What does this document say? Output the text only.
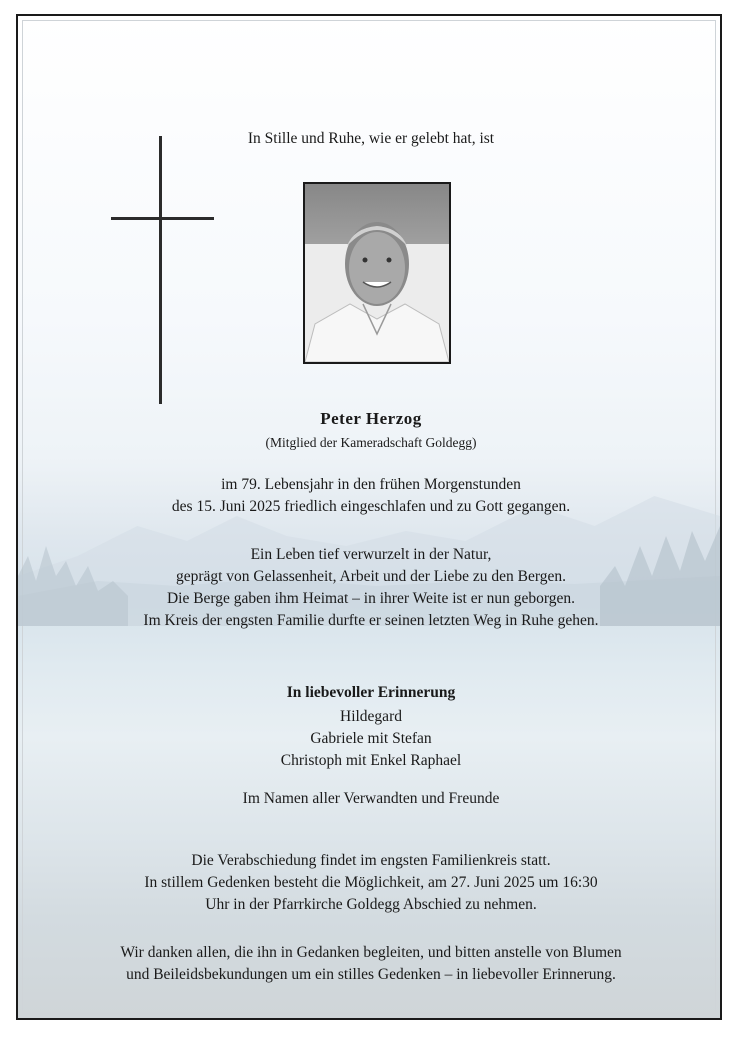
In Stille und Ruhe, wie er gelebt hat, ist
Peter Herzog
(Mitglied der Kameradschaft Goldegg)
im 79. Lebensjahr in den frühen Morgenstunden
des 15. Juni 2025 friedlich eingeschlafen und zu Gott gegangen.
Ein Leben tief verwurzelt in der Natur,
geprägt von Gelassenheit, Arbeit und der Liebe zu den Bergen.
Die Berge gaben ihm Heimat – in ihrer Weite ist er nun geborgen.
Im Kreis der engsten Familie durfte er seinen letzten Weg in Ruhe gehen.
In liebevoller Erinnerung
Hildegard
Gabriele mit Stefan
Christoph mit Enkel Raphael
Im Namen aller Verwandten und Freunde
Die Verabschiedung findet im engsten Familienkreis statt.
In stillem Gedenken besteht die Möglichkeit, am 27. Juni 2025 um 16:30
Uhr in der Pfarrkirche Goldegg Abschied zu nehmen.
Wir danken allen, die ihn in Gedanken begleiten, und bitten anstelle von Blumen
und Beileidsbekundungen um ein stilles Gedenken – in liebevoller Erinnerung.
